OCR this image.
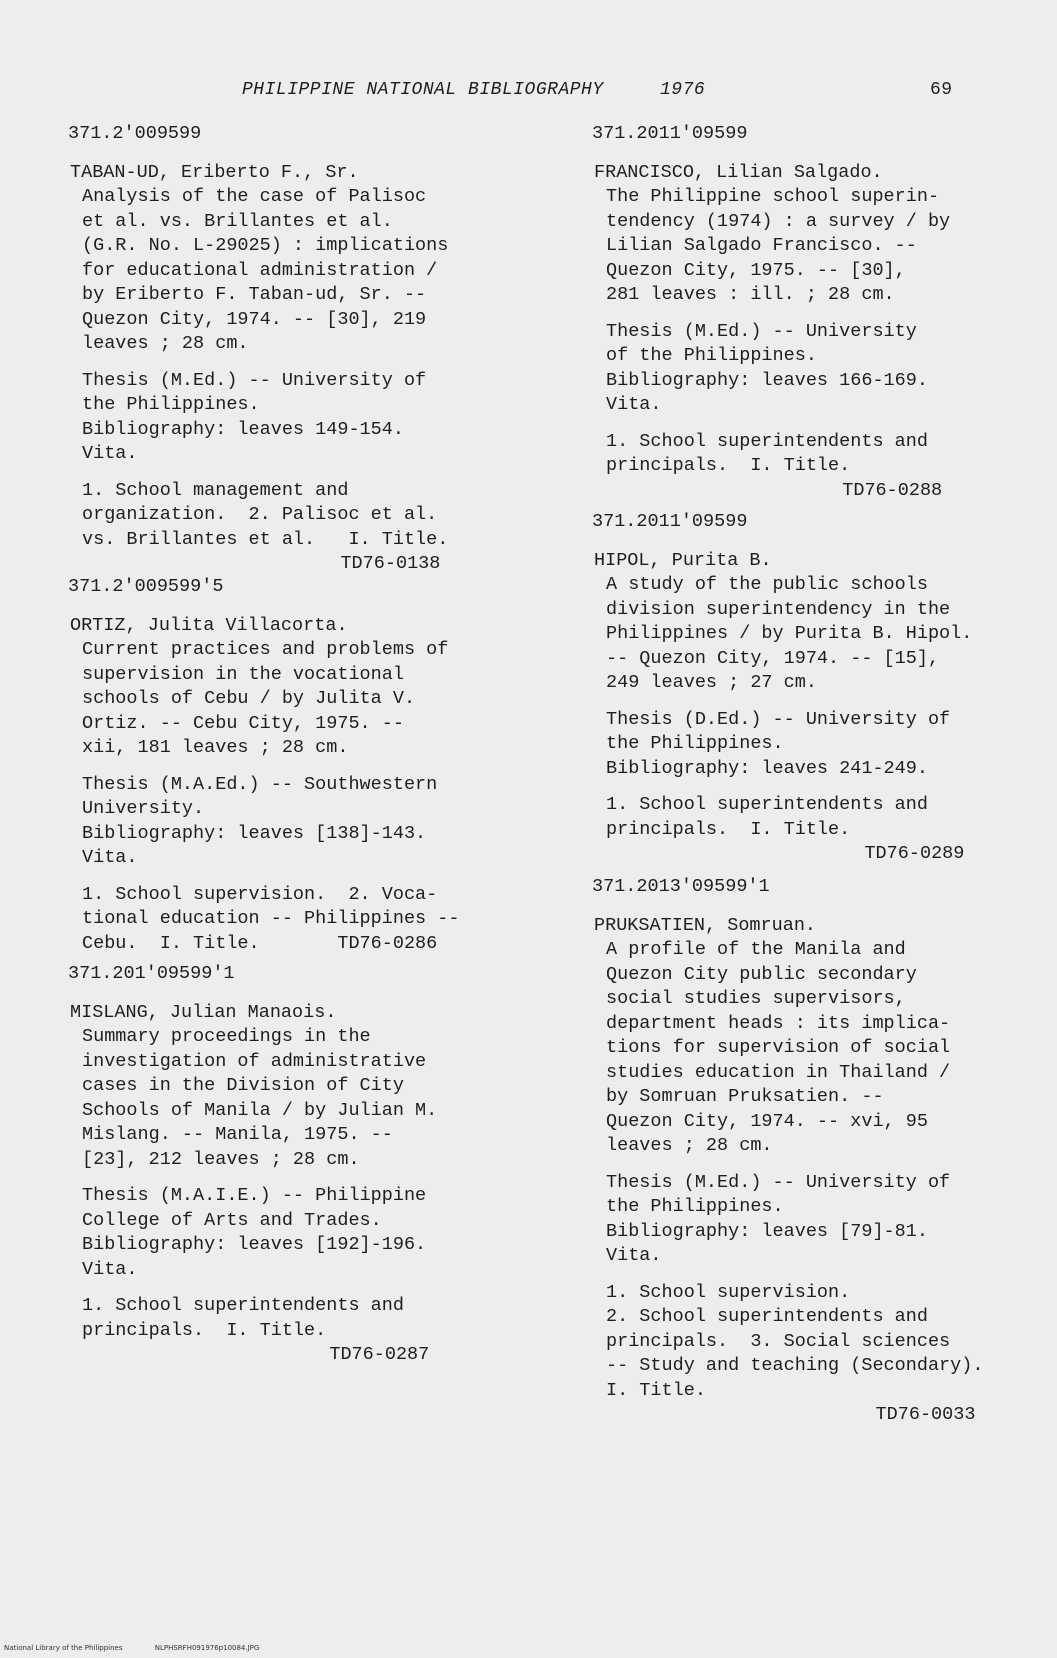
PHILIPPINE NATIONAL BIBLIOGRAPHY	1976	69
371.2'009599
TABAN-UD, Eriberto F., Sr.
Analysis of the case of Palisoc
et al. vs. Brillantes et al.
(G.R. No. L-29025) : implications
for educational administration /
by Eriberto F. Taban-ud, Sr. --
Quezon City, 1974. -- [30], 219
leaves ; 28 cm.
Thesis (M.Ed.) -- University of
the Philippines.
Bibliography: leaves 149-154.
Vita.
1. School management and
organization.  2. Palisoc et al.
vs. Brillantes et al.   I. Title.
TD76-0138
371.2'009599'5
ORTIZ, Julita Villacorta.
Current practices and problems of
supervision in the vocational
schools of Cebu / by Julita V.
Ortiz. -- Cebu City, 1975. --
xii, 181 leaves ; 28 cm.
Thesis (M.A.Ed.) -- Southwestern
University.
Bibliography: leaves [138]-143.
Vita.
1. School supervision.  2. Voca-
tional education -- Philippines --
Cebu.  I. Title.       TD76-0286
371.201'09599'1
MISLANG, Julian Manaois.
Summary proceedings in the
investigation of administrative
cases in the Division of City
Schools of Manila / by Julian M.
Mislang. -- Manila, 1975. --
[23], 212 leaves ; 28 cm.
Thesis (M.A.I.E.) -- Philippine
College of Arts and Trades.
Bibliography: leaves [192]-196.
Vita.
1. School superintendents and
principals.  I. Title.
TD76-0287
371.2011'09599
FRANCISCO, Lilian Salgado.
The Philippine school superin-
tendency (1974) : a survey / by
Lilian Salgado Francisco. --
Quezon City, 1975. -- [30],
281 leaves : ill. ; 28 cm.
Thesis (M.Ed.) -- University
of the Philippines.
Bibliography: leaves 166-169.
Vita.
1. School superintendents and
principals.  I. Title.
TD76-0288
371.2011'09599
HIPOL, Purita B.
A study of the public schools
division superintendency in the
Philippines / by Purita B. Hipol.
-- Quezon City, 1974. -- [15],
249 leaves ; 27 cm.
Thesis (D.Ed.) -- University of
the Philippines.
Bibliography: leaves 241-249.
1. School superintendents and
principals.  I. Title.
TD76-0289
371.2013'09599'1
PRUKSATIEN, Somruan.
A profile of the Manila and
Quezon City public secondary
social studies supervisors,
department heads : its implica-
tions for supervision of social
studies education in Thailand /
by Somruan Pruksatien. --
Quezon City, 1974. -- xvi, 95
leaves ; 28 cm.
Thesis (M.Ed.) -- University of
the Philippines.
Bibliography: leaves [79]-81.
Vita.
1. School supervision.
2. School superintendents and
principals.  3. Social sciences
-- Study and teaching (Secondary).
I. Title.
TD76-0033
National Library of the Philippines	NLPHSRFH091976p10084.JPG
